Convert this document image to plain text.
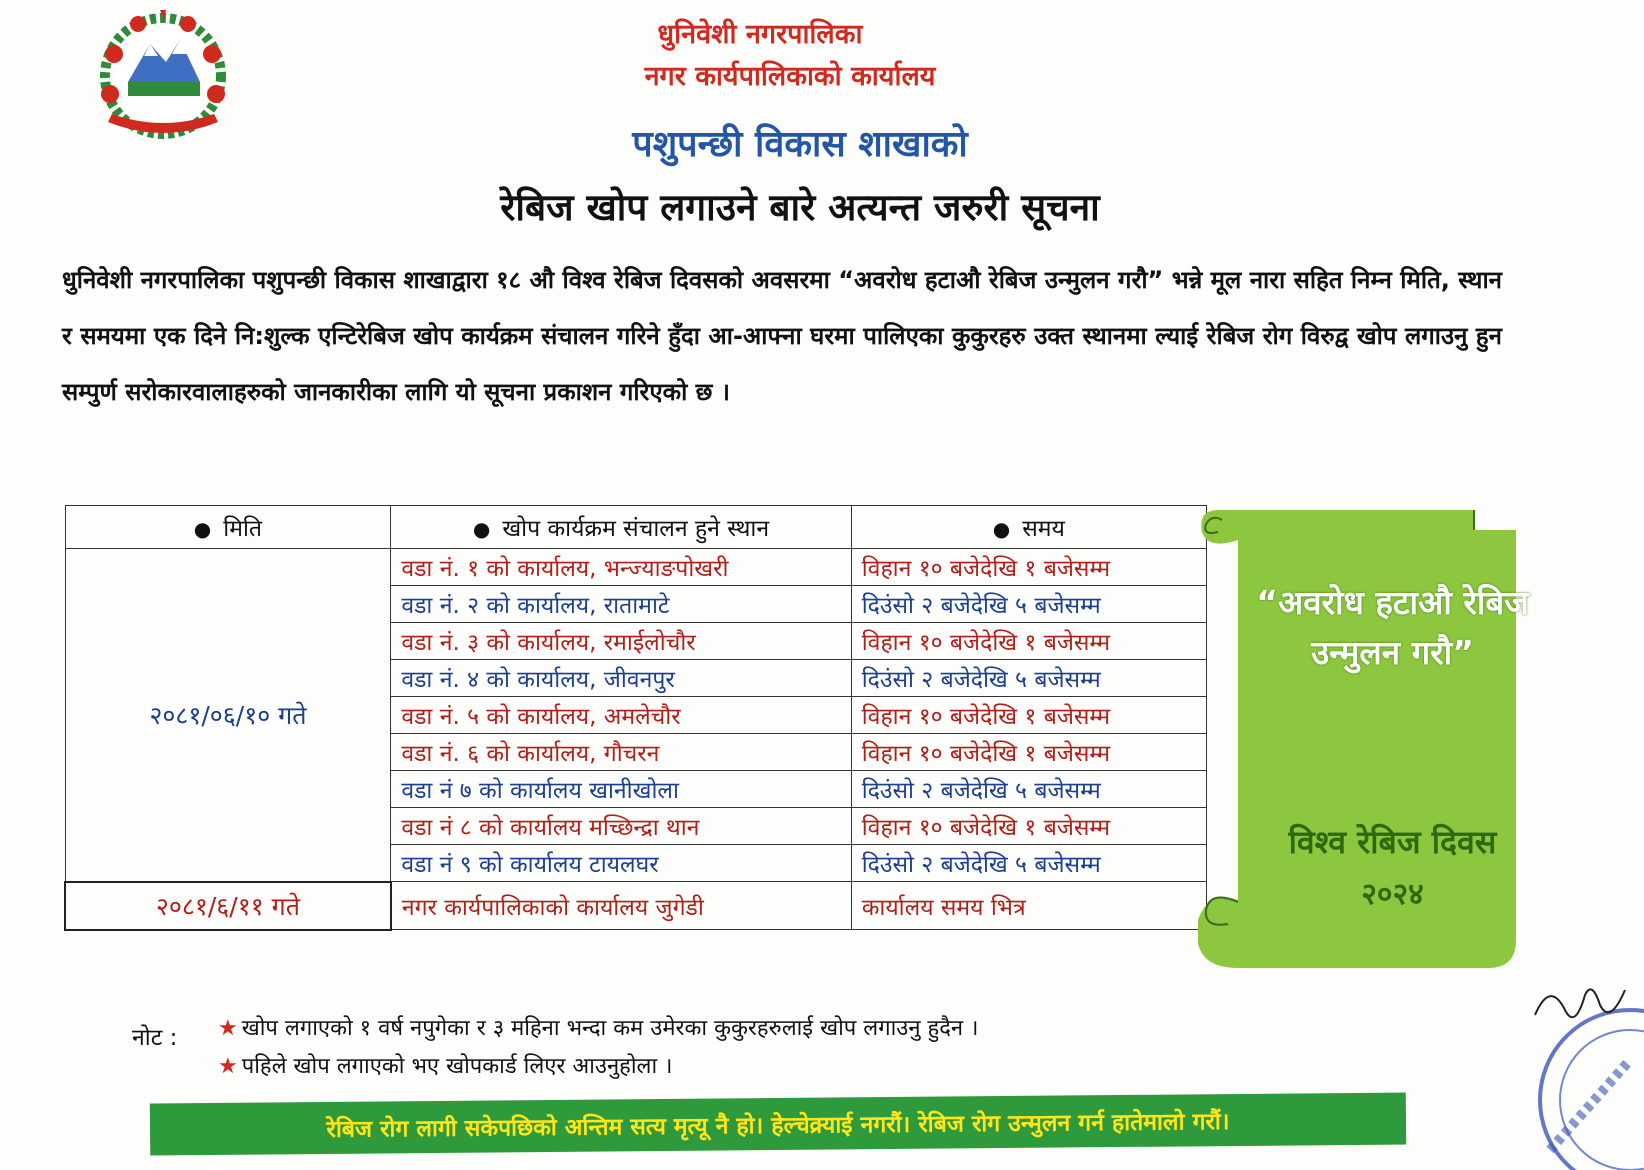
धुनिवेशी नगरपालिका
नगर कार्यपालिकाको कार्यालय
पशुपन्छी विकास शाखाको
रेबिज खोप लगाउने बारे अत्यन्त जरुरी सूचना

धुनिवेशी नगरपालिका पशुपन्छी विकास शाखाद्वारा १८ औ विश्व रेबिज दिवसको अवसरमा “अवरोध हटाऔ रेबिज उन्मुलन गरौ” भन्ने मूल नारा सहित निम्न मिति, स्थान र समयमा एक दिने नि:शुल्क एन्टिरेबिज खोप कार्यक्रम संचालन गरिने हुँदा आ-आफ्ना घरमा पालिएका कुकुरहरु उक्त स्थानमा ल्याई रेबिज रोग विरुद्व खोप लगाउनु हुन सम्पुर्ण सरोकारवालाहरुको जानकारीका लागि यो सूचना प्रकाशन गरिएको छ ।

● मिति	● खोप कार्यक्रम संचालन हुने स्थान	● समय
२०८१/०६/१० गते	वडा नं. १ को कार्यालय, भन्ज्याङपोखरी	विहान १० बजेदेखि १ बजेसम्म
	वडा नं. २ को कार्यालय, रातामाटे	दिउंसो २ बजेदेखि ५ बजेसम्म
	वडा नं. ३ को कार्यालय, रमाईलोचौर	विहान १० बजेदेखि १ बजेसम्म
	वडा नं. ४ को कार्यालय, जीवनपुर	दिउंसो २ बजेदेखि ५ बजेसम्म
	वडा नं. ५ को कार्यालय, अमलेचौर	विहान १० बजेदेखि १ बजेसम्म
	वडा नं. ६ को कार्यालय, गौचरन	विहान १० बजेदेखि १ बजेसम्म
	वडा नं ७ को कार्यालय खानीखोला	दिउंसो २ बजेदेखि ५ बजेसम्म
	वडा नं ८ को कार्यालय मच्छिन्द्रा थान	विहान १० बजेदेखि १ बजेसम्म
	वडा नं ९ को कार्यालय टायलघर	दिउंसो २ बजेदेखि ५ बजेसम्म
२०८१/६/११ गते	नगर कार्यपालिकाको कार्यालय जुगेडी	कार्यालय समय भित्र
“अवरोध हटाऔ रेबिज उन्मुलन गरौ”
विश्व रेबिज दिवस
२०२४
नोट : ★ खोप लगाएको १ वर्ष नपुगेका र ३ महिना भन्दा कम उमेरका कुकुरहरुलाई खोप लगाउनु हुदैन ।
★ पहिले खोप लगाएको भए खोपकार्ड लिएर आउनुहोला ।
रेबिज रोग लागी सकेपछिको अन्तिम सत्य मृत्यू नै हो। हेल्चेक्र्याई नगरौं। रेबिज रोग उन्मुलन गर्न हातेमालो गरौं।
